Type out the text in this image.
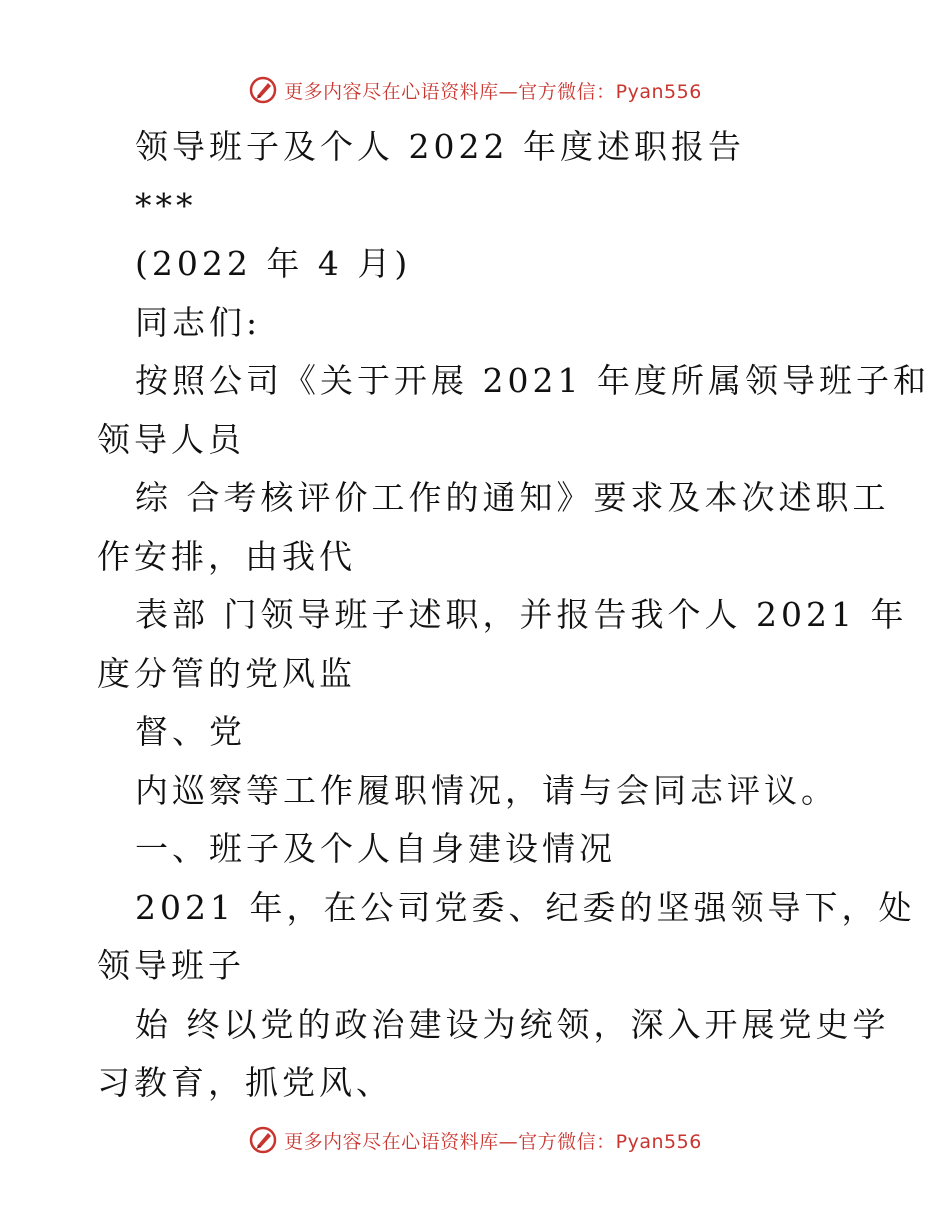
更多内容尽在心语资料库—官方微信：Pyan556
领导班子及个人 2022 年度述职报告
***
(2022 年 4 月)
同志们:
按照公司《关于开展 2021 年度所属领导班子和
领导人员
综 合考核评价工作的通知》要求及本次述职工
作安排，由我代
表部 门领导班子述职，并报告我个人 2021 年
度分管的党风监
督、党
内巡察等工作履职情况，请与会同志评议。
一、班子及个人自身建设情况
2021 年，在公司党委、纪委的坚强领导下，处
领导班子
始 终以党的政治建设为统领，深入开展党史学
习教育，抓党风、
更多内容尽在心语资料库—官方微信：Pyan556
